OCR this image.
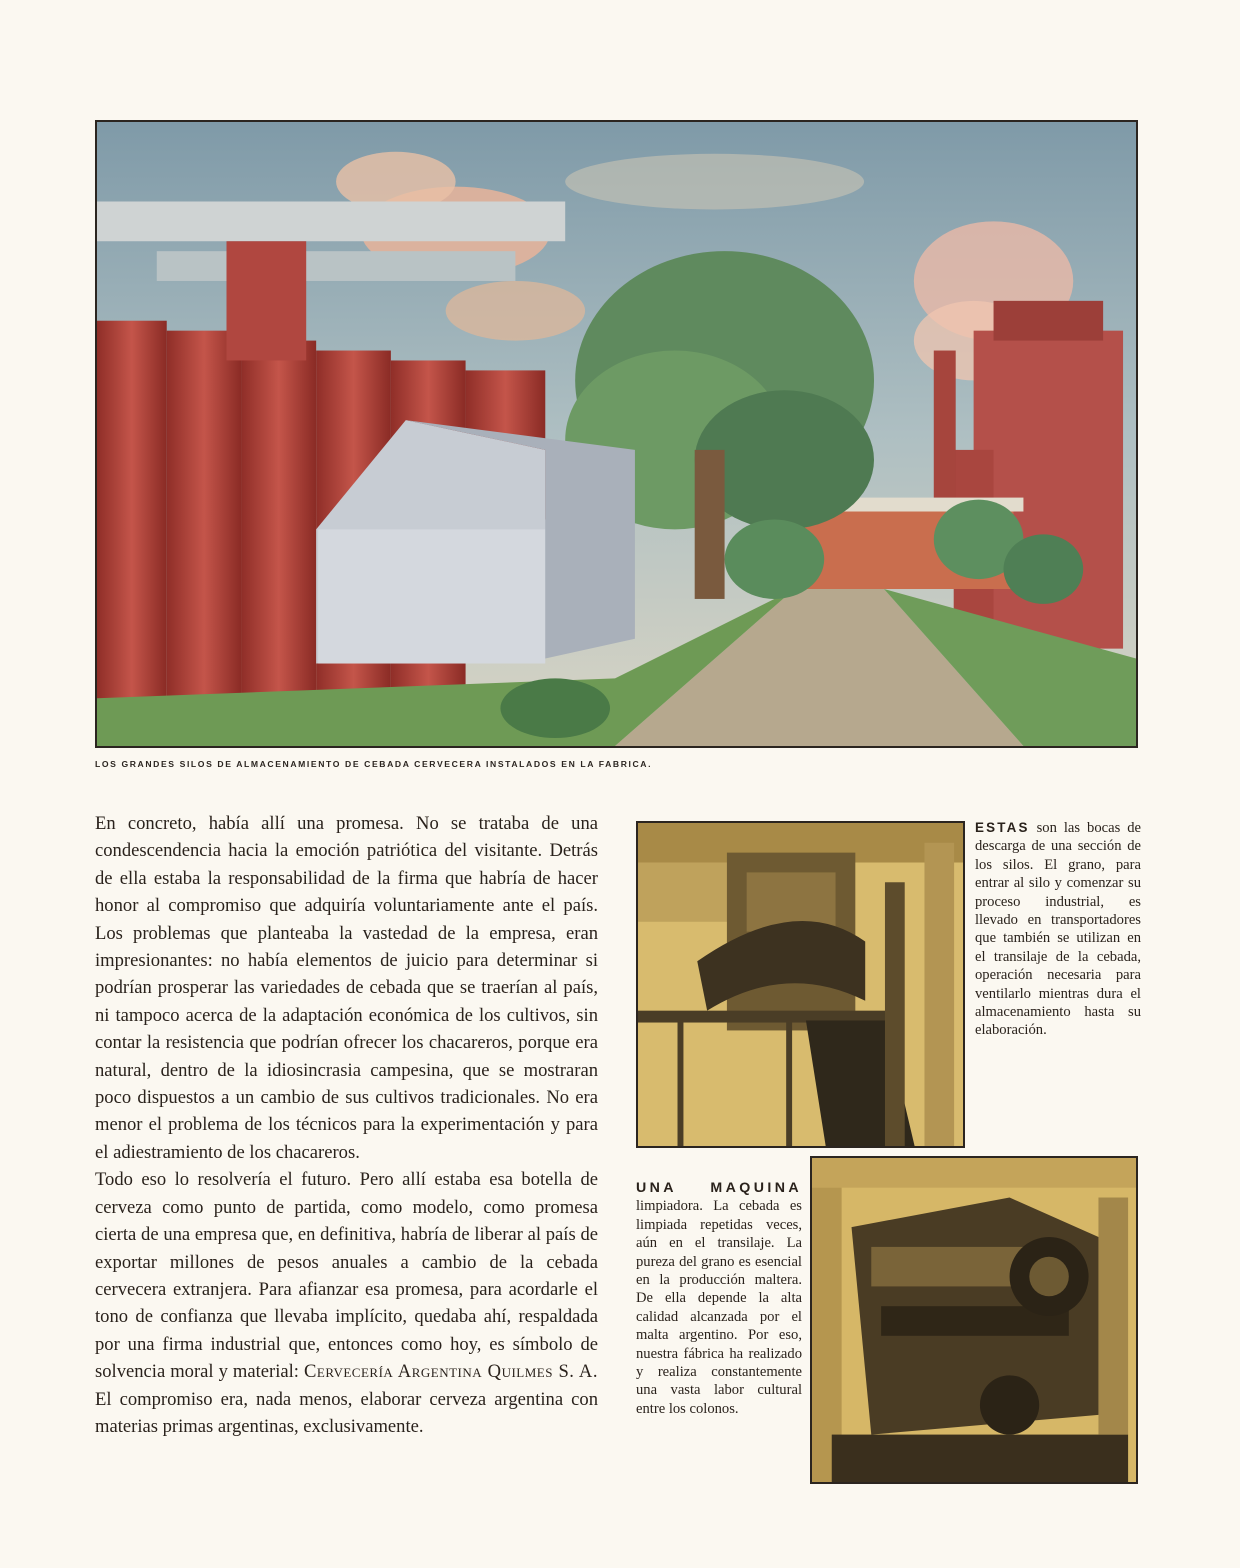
LOS GRANDES SILOS DE ALMACENAMIENTO DE CEBADA CERVECERA INSTALADOS EN LA FABRICA.

En concreto, había allí una promesa. No se trataba de una condescendencia hacia la emoción patriótica del visitante. Detrás de ella estaba la responsabilidad de la firma que habría de hacer honor al compromiso que adquiría voluntariamente ante el país. Los problemas que planteaba la vastedad de la empresa, eran impresionantes: no había elementos de juicio para determinar si podrían prosperar las variedades de cebada que se traerían al país, ni tampoco acerca de la adaptación económica de los cultivos, sin contar la resistencia que podrían ofrecer los chacareros, porque era natural, dentro de la idiosincrasia campesina, que se mostraran poco dispuestos a un cambio de sus cultivos tradicionales. No era menor el problema de los técnicos para la experimentación y para el adiestramiento de los chacareros.

Todo eso lo resolvería el futuro. Pero allí estaba esa botella de cerveza como punto de partida, como modelo, como promesa cierta de una empresa que, en definitiva, habría de liberar al país de exportar millones de pesos anuales a cambio de la cebada cervecera extranjera. Para afianzar esa promesa, para acordarle el tono de confianza que llevaba implícito, quedaba ahí, respaldada por una firma industrial que, entonces como hoy, es símbolo de solvencia moral y material: Cervecería Argentina Quilmes S. A. El compromiso era, nada menos, elaborar cerveza argentina con materias primas argentinas, exclusivamente.

ESTAS son las bocas de descarga de una sección de los silos. El grano, para entrar al silo y comenzar su proceso industrial, es llevado en transportadores que también se utilizan en el transilaje de la cebada, operación necesaria para ventilarlo mientras dura el almacenamiento hasta su elaboración.
UNA MAQUINA limpiadora. La cebada es limpiada repetidas veces, aún en el transilaje. La pureza del grano es esencial en la producción maltera. De ella depende la alta calidad alcanzada por el malta argentino. Por eso, nuestra fábrica ha realizado y realiza constantemente una vasta labor cultural entre los colonos.
